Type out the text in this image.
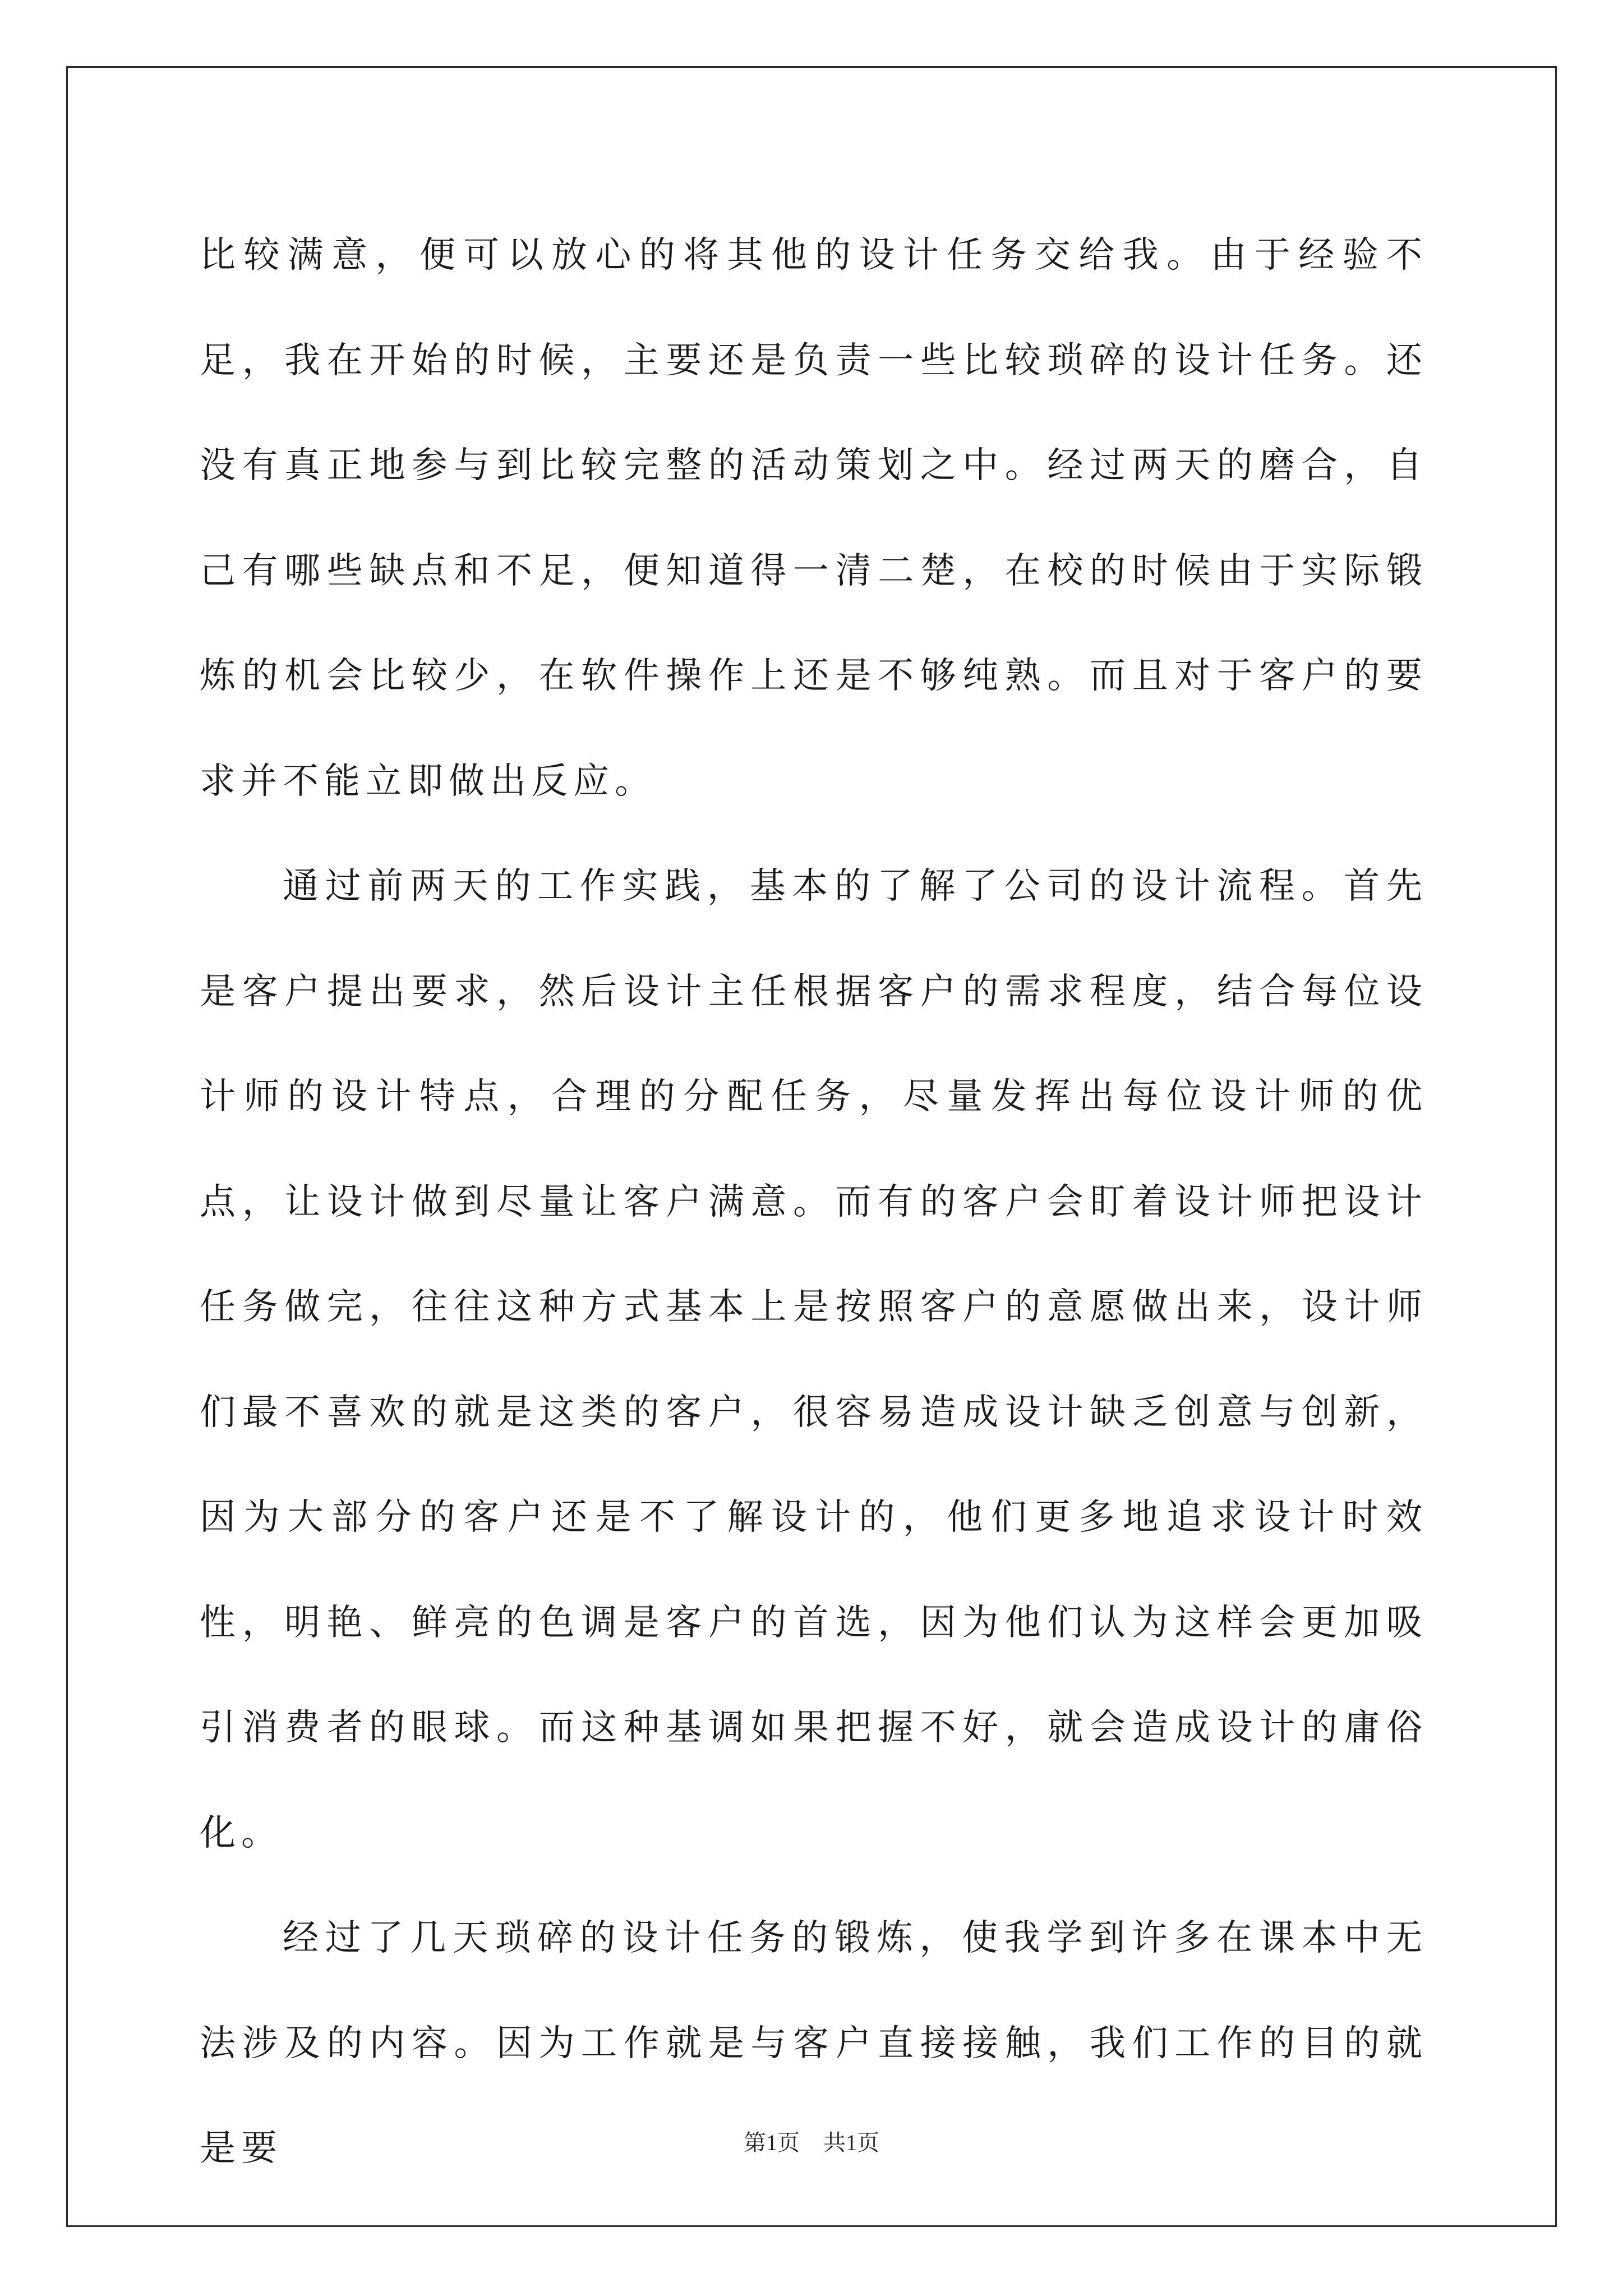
比较满意，便可以放心的将其他的设计任务交给我。由于经验不足，我在开始的时候，主要还是负责一些比较琐碎的设计任务。还没有真正地参与到比较完整的活动策划之中。经过两天的磨合，自己有哪些缺点和不足，便知道得一清二楚，在校的时候由于实际锻炼的机会比较少，在软件操作上还是不够纯熟。而且对于客户的要求并不能立即做出反应。

通过前两天的工作实践，基本的了解了公司的设计流程。首先是客户提出要求，然后设计主任根据客户的需求程度，结合每位设计师的设计特点，合理的分配任务，尽量发挥出每位设计师的优点，让设计做到尽量让客户满意。而有的客户会盯着设计师把设计任务做完，往往这种方式基本上是按照客户的意愿做出来，设计师们最不喜欢的就是这类的客户，很容易造成设计缺乏创意与创新，因为大部分的客户还是不了解设计的，他们更多地追求设计时效性，明艳、鲜亮的色调是客户的首选，因为他们认为这样会更加吸引消费者的眼球。而这种基调如果把握不好，就会造成设计的庸俗化。

经过了几天琐碎的设计任务的锻炼，使我学到许多在课本中无法涉及的内容。因为工作就是与客户直接接触，我们工作的目的就是要	第1页 共1页
